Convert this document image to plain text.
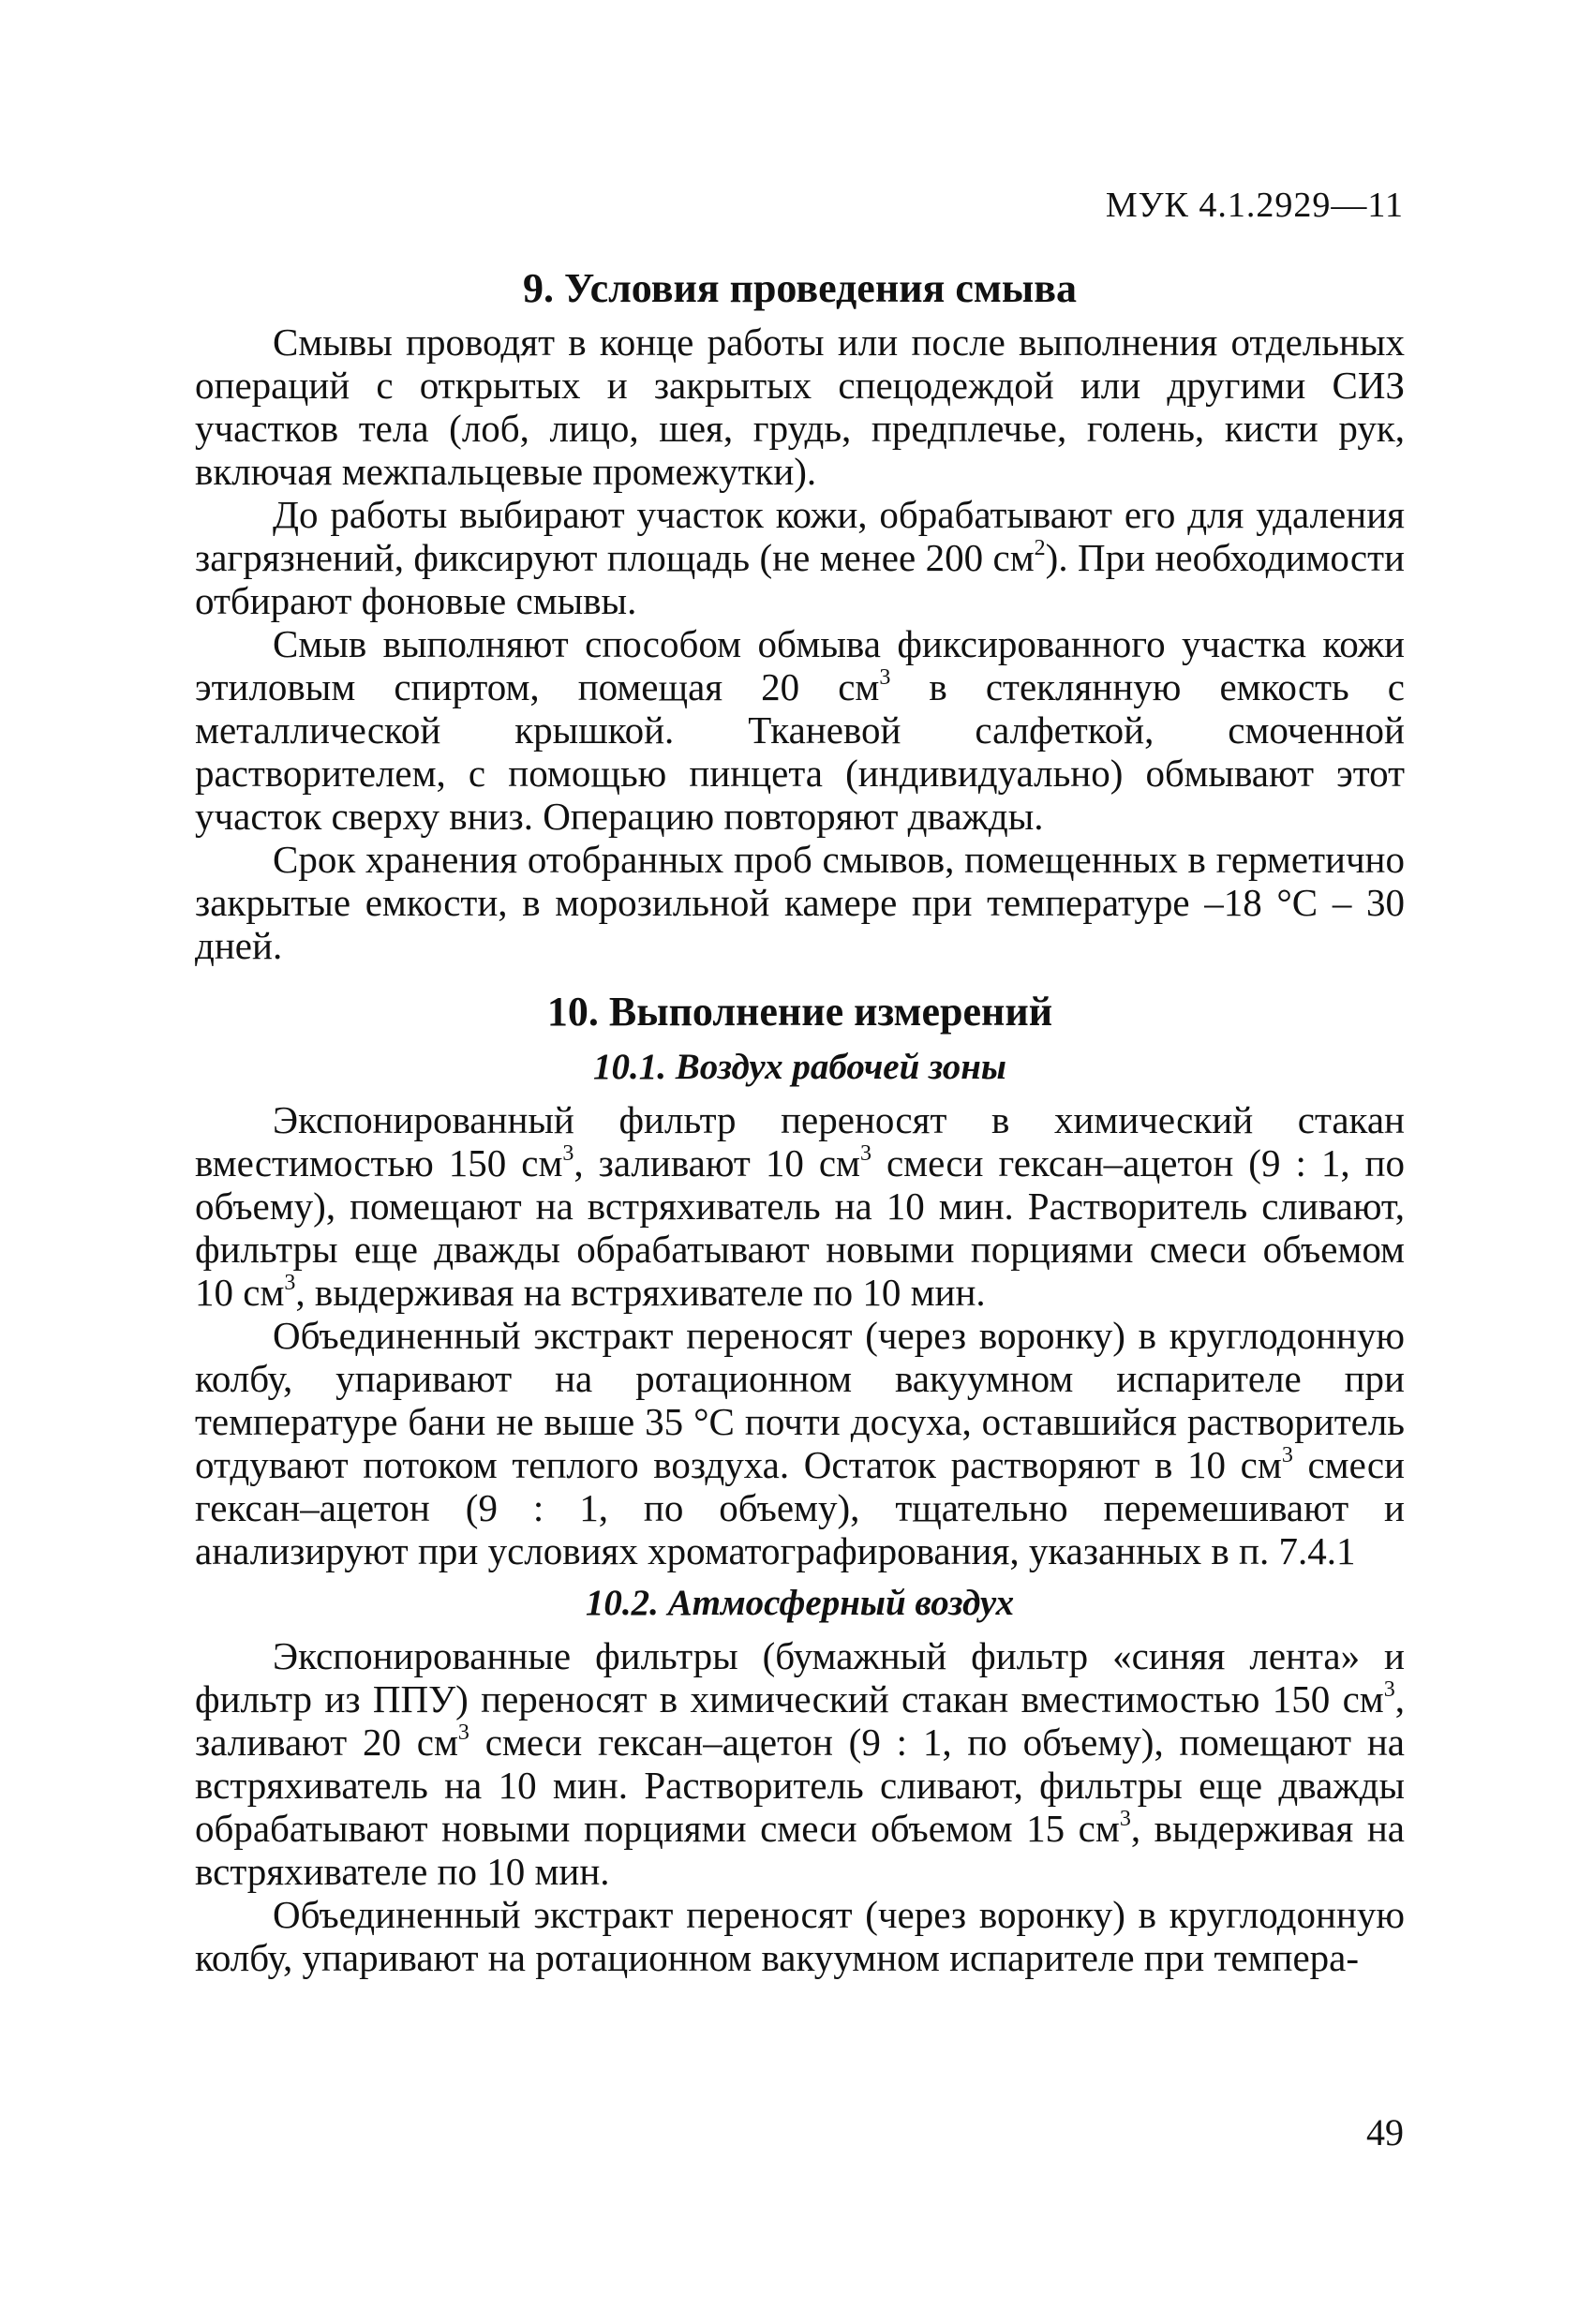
МУК 4.1.2929—11
9. Условия проведения смыва

Смывы проводят в конце работы или после выполнения отдельных операций с открытых и закрытых спецодеждой или другими СИЗ участков тела (лоб, лицо, шея, грудь, предплечье, голень, кисти рук, включая межпальцевые промежутки).

До работы выбирают участок кожи, обрабатывают его для удаления загрязнений, фиксируют площадь (не менее 200 $см^2$). При необходимости отбирают фоновые смывы.

Смыв выполняют способом обмыва фиксированного участка кожи этиловым спиртом, помещая 20 $см^3$ в стеклянную емкость с металлической крышкой. Тканевой салфеткой, смоченной растворителем, с помощью пинцета (индивидуально) обмывают этот участок сверху вниз. Операцию повторяют дважды.

Срок хранения отобранных проб смывов, помещенных в герметично закрытые емкости, в морозильной камере при температуре –18 °С – 30 дней.

10. Выполнение измерений
10.1. Воздух рабочей зоны

Экспонированный фильтр переносят в химический стакан вместимостью 150 $см^3$, заливают 10 $см^3$ смеси гексан–ацетон (9 : 1, по объему), помещают на встряхиватель на 10 мин. Растворитель сливают, фильтры еще дважды обрабатывают новыми порциями смеси объемом 10 $см^3$, выдерживая на встряхивателе по 10 мин.

Объединенный экстракт переносят (через воронку) в круглодонную колбу, упаривают на ротационном вакуумном испарителе при температуре бани не выше 35 °С почти досуха, оставшийся растворитель отдувают потоком теплого воздуха. Остаток растворяют в 10 $см^3$ смеси гексан–ацетон (9 : 1, по объему), тщательно перемешивают и анализируют при условиях хроматографирования, указанных в п. 7.4.1

10.2. Атмосферный воздух

Экспонированные фильтры (бумажный фильтр «синяя лента» и фильтр из ППУ) переносят в химический стакан вместимостью 150 $см^3$, заливают 20 $см^3$ смеси гексан–ацетон (9 : 1, по объему), помещают на встряхиватель на 10 мин. Растворитель сливают, фильтры еще дважды обрабатывают новыми порциями смеси объемом 15 $см^3$, выдерживая на встряхивателе по 10 мин.

Объединенный экстракт переносят (через воронку) в круглодонную колбу, упаривают на ротационном вакуумном испарителе при темпера-

49
